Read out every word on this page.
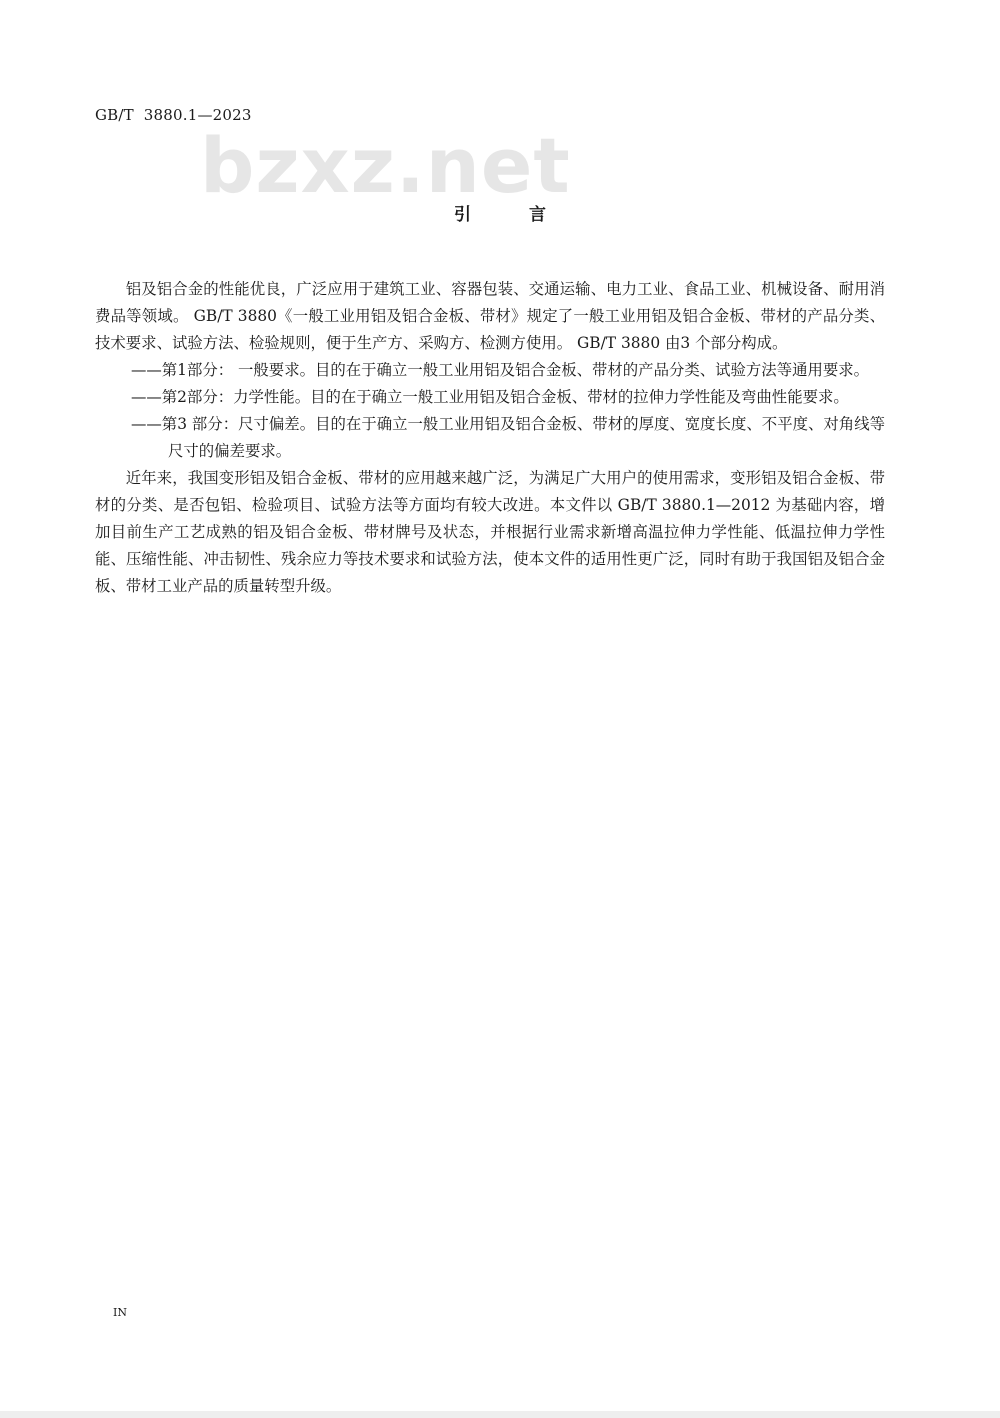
GB/T  3880.1—2023
bzxz.net
引言

铝及铝合金的性能优良，广泛应用于建筑工业、容器包装、交通运输、电力工业、食品工业、机械设备、耐用消费品等领域。 GB/T 3880《一般工业用铝及铝合金板、带材》规定了一般工业用铝及铝合金板、带材的产品分类、技术要求、试验方法、检验规则，便于生产方、采购方、检测方使用。 GB/T 3880 由3 个部分构成。

——第1部分： 一般要求。目的在于确立一般工业用铝及铝合金板、带材的产品分类、试验方法等通用要求。

——第2部分：力学性能。目的在于确立一般工业用铝及铝合金板、带材的拉伸力学性能及弯曲性能要求。

——第3 部分：尺寸偏差。目的在于确立一般工业用铝及铝合金板、带材的厚度、宽度长度、不平度、对角线等尺寸的偏差要求。

近年来，我国变形铝及铝合金板、带材的应用越来越广泛，为满足广大用户的使用需求，变形铝及铝合金板、带材的分类、是否包铝、检验项目、试验方法等方面均有较大改进。本文件以 GB/T 3880.1—2012 为基础内容，增加目前生产工艺成熟的铝及铝合金板、带材牌号及状态，并根据行业需求新增高温拉伸力学性能、低温拉伸力学性能、压缩性能、冲击韧性、残余应力等技术要求和试验方法，使本文件的适用性更广泛，同时有助于我国铝及铝合金板、带材工业产品的质量转型升级。

IN
